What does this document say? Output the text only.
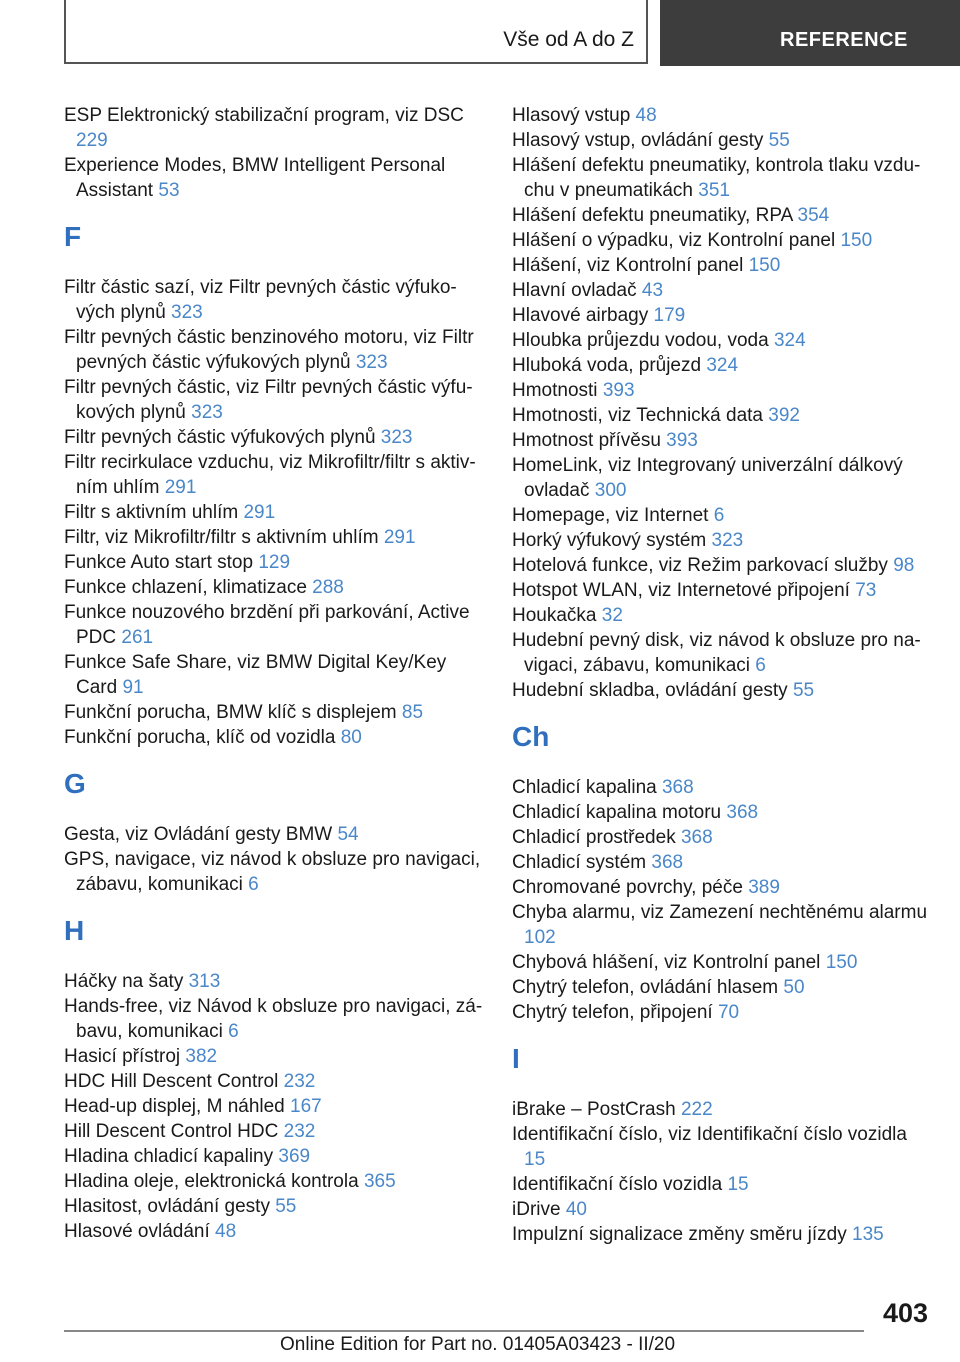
Vše od A do Z	REFERENCE

ESP Elektronický stabilizační program, viz DSC 229

Experience Modes, BMW Intelligent Personal Assistant 53

F

Filtr částic sazí, viz Filtr pevných částic výfukových plynů 323

Filtr pevných částic benzinového motoru, viz Filtr pevných částic výfukových plynů 323

Filtr pevných částic, viz Filtr pevných částic výfukových plynů 323

Filtr pevných částic výfukových plynů 323

Filtr recirkulace vzduchu, viz Mikrofiltr/filtr s aktivním uhlím 291

Filtr s aktivním uhlím 291

Filtr, viz Mikrofiltr/filtr s aktivním uhlím 291

Funkce Auto start stop 129

Funkce chlazení, klimatizace 288

Funkce nouzového brzdění při parkování, Active PDC 261

Funkce Safe Share, viz BMW Digital Key/Key Card 91

Funkční porucha, BMW klíč s displejem 85

Funkční porucha, klíč od vozidla 80

G

Gesta, viz Ovládání gesty BMW 54

GPS, navigace, viz návod k obsluze pro navigaci, zábavu, komunikaci 6

H

Háčky na šaty 313

Hands-free, viz Návod k obsluze pro navigaci, zábavu, komunikaci 6

Hasicí přístroj 382

HDC Hill Descent Control 232

Head-up displej, M náhled 167

Hill Descent Control HDC 232

Hladina chladicí kapaliny 369

Hladina oleje, elektronická kontrola 365

Hlasitost, ovládání gesty 55

Hlasové ovládání 48

Hlasový vstup 48

Hlasový vstup, ovládání gesty 55

Hlášení defektu pneumatiky, kontrola tlaku vzduchu v pneumatikách 351

Hlášení defektu pneumatiky, RPA 354

Hlášení o výpadku, viz Kontrolní panel 150

Hlášení, viz Kontrolní panel 150

Hlavní ovladač 43

Hlavové airbagy 179

Hloubka průjezdu vodou, voda 324

Hluboká voda, průjezd 324

Hmotnosti 393

Hmotnosti, viz Technická data 392

Hmotnost přívěsu 393

HomeLink, viz Integrovaný univerzální dálkový ovladač 300

Homepage, viz Internet 6

Horký výfukový systém 323

Hotelová funkce, viz Režim parkovací služby 98

Hotspot WLAN, viz Internetové připojení 73

Houkačka 32

Hudební pevný disk, viz návod k obsluze pro navigaci, zábavu, komunikaci 6

Hudební skladba, ovládání gesty 55

Ch

Chladicí kapalina 368

Chladicí kapalina motoru 368

Chladicí prostředek 368

Chladicí systém 368

Chromované povrchy, péče 389

Chyba alarmu, viz Zamezení nechtěnému alarmu 102

Chybová hlášení, viz Kontrolní panel 150

Chytrý telefon, ovládání hlasem 50

Chytrý telefon, připojení 70

I

iBrake – PostCrash 222

Identifikační číslo, viz Identifikační číslo vozidla 15

Identifikační číslo vozidla 15

iDrive 40

Impulzní signalizace změny směru jízdy 135

403
Online Edition for Part no. 01405A03423 - II/20
